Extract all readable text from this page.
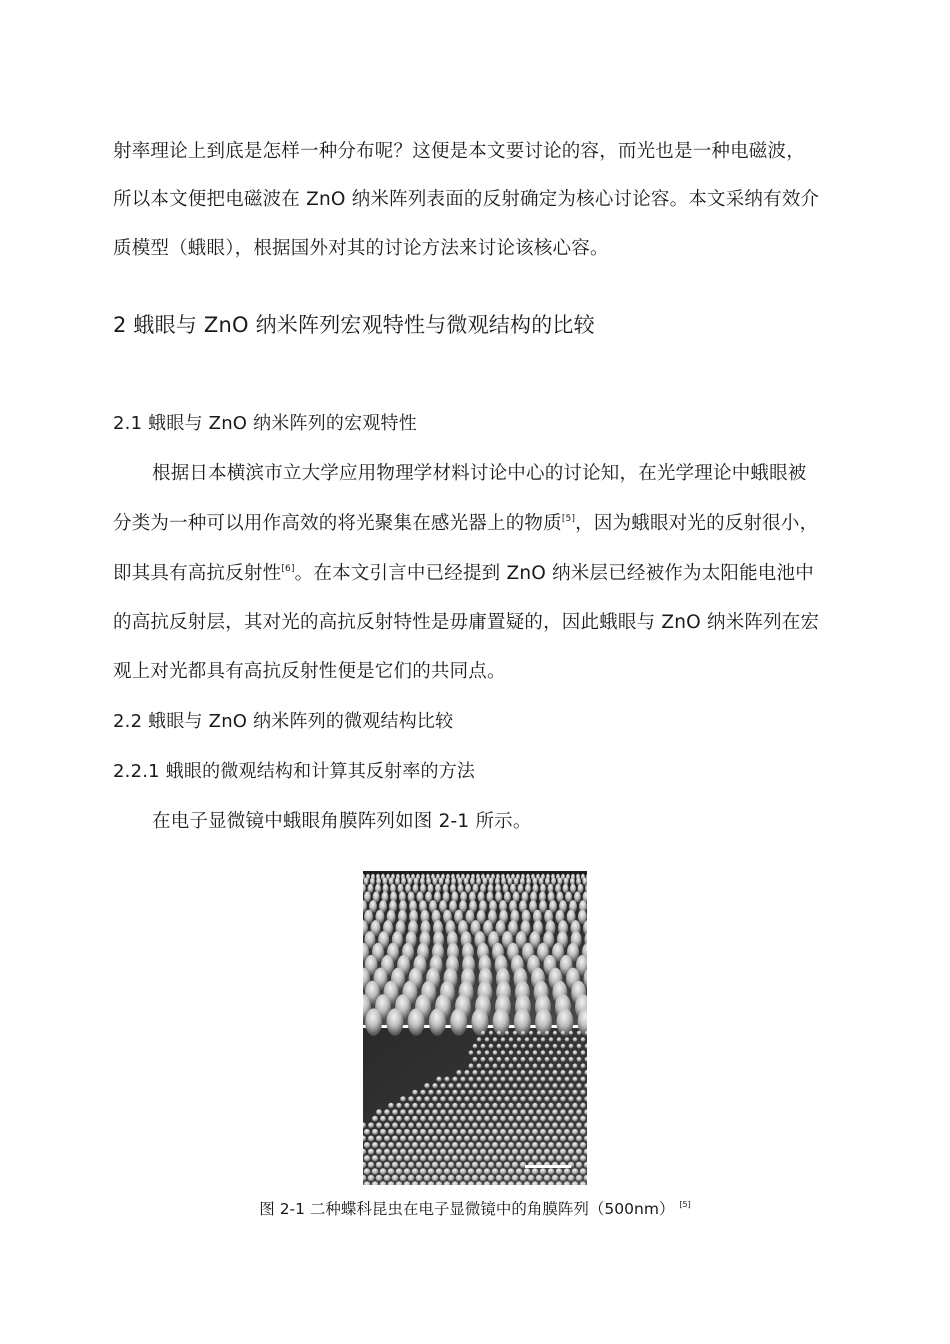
射率理论上到底是怎样一种分布呢？这便是本文要讨论的容，而光也是一种电磁波，
所以本文便把电磁波在 ZnO 纳米阵列表面的反射确定为核心讨论容。本文采纳有效介
质模型（蛾眼），根据国外对其的讨论方法来讨论该核心容。
2 蛾眼与 ZnO 纳米阵列宏观特性与微观结构的比较
2.1 蛾眼与 ZnO 纳米阵列的宏观特性
根据日本横滨市立大学应用物理学材料讨论中心的讨论知，在光学理论中蛾眼被
分类为一种可以用作高效的将光聚集在感光器上的物质[5]，因为蛾眼对光的反射很小，
即其具有高抗反射性[6]。在本文引言中已经提到 ZnO 纳米层已经被作为太阳能电池中
的高抗反射层，其对光的高抗反射特性是毋庸置疑的，因此蛾眼与 ZnO 纳米阵列在宏
观上对光都具有高抗反射性便是它们的共同点。
2.2 蛾眼与 ZnO 纳米阵列的微观结构比较
2.2.1 蛾眼的微观结构和计算其反射率的方法
在电子显微镜中蛾眼角膜阵列如图 2-1 所示。
图 2-1 二种蝶科昆虫在电子显微镜中的角膜阵列（500nm） [5]
